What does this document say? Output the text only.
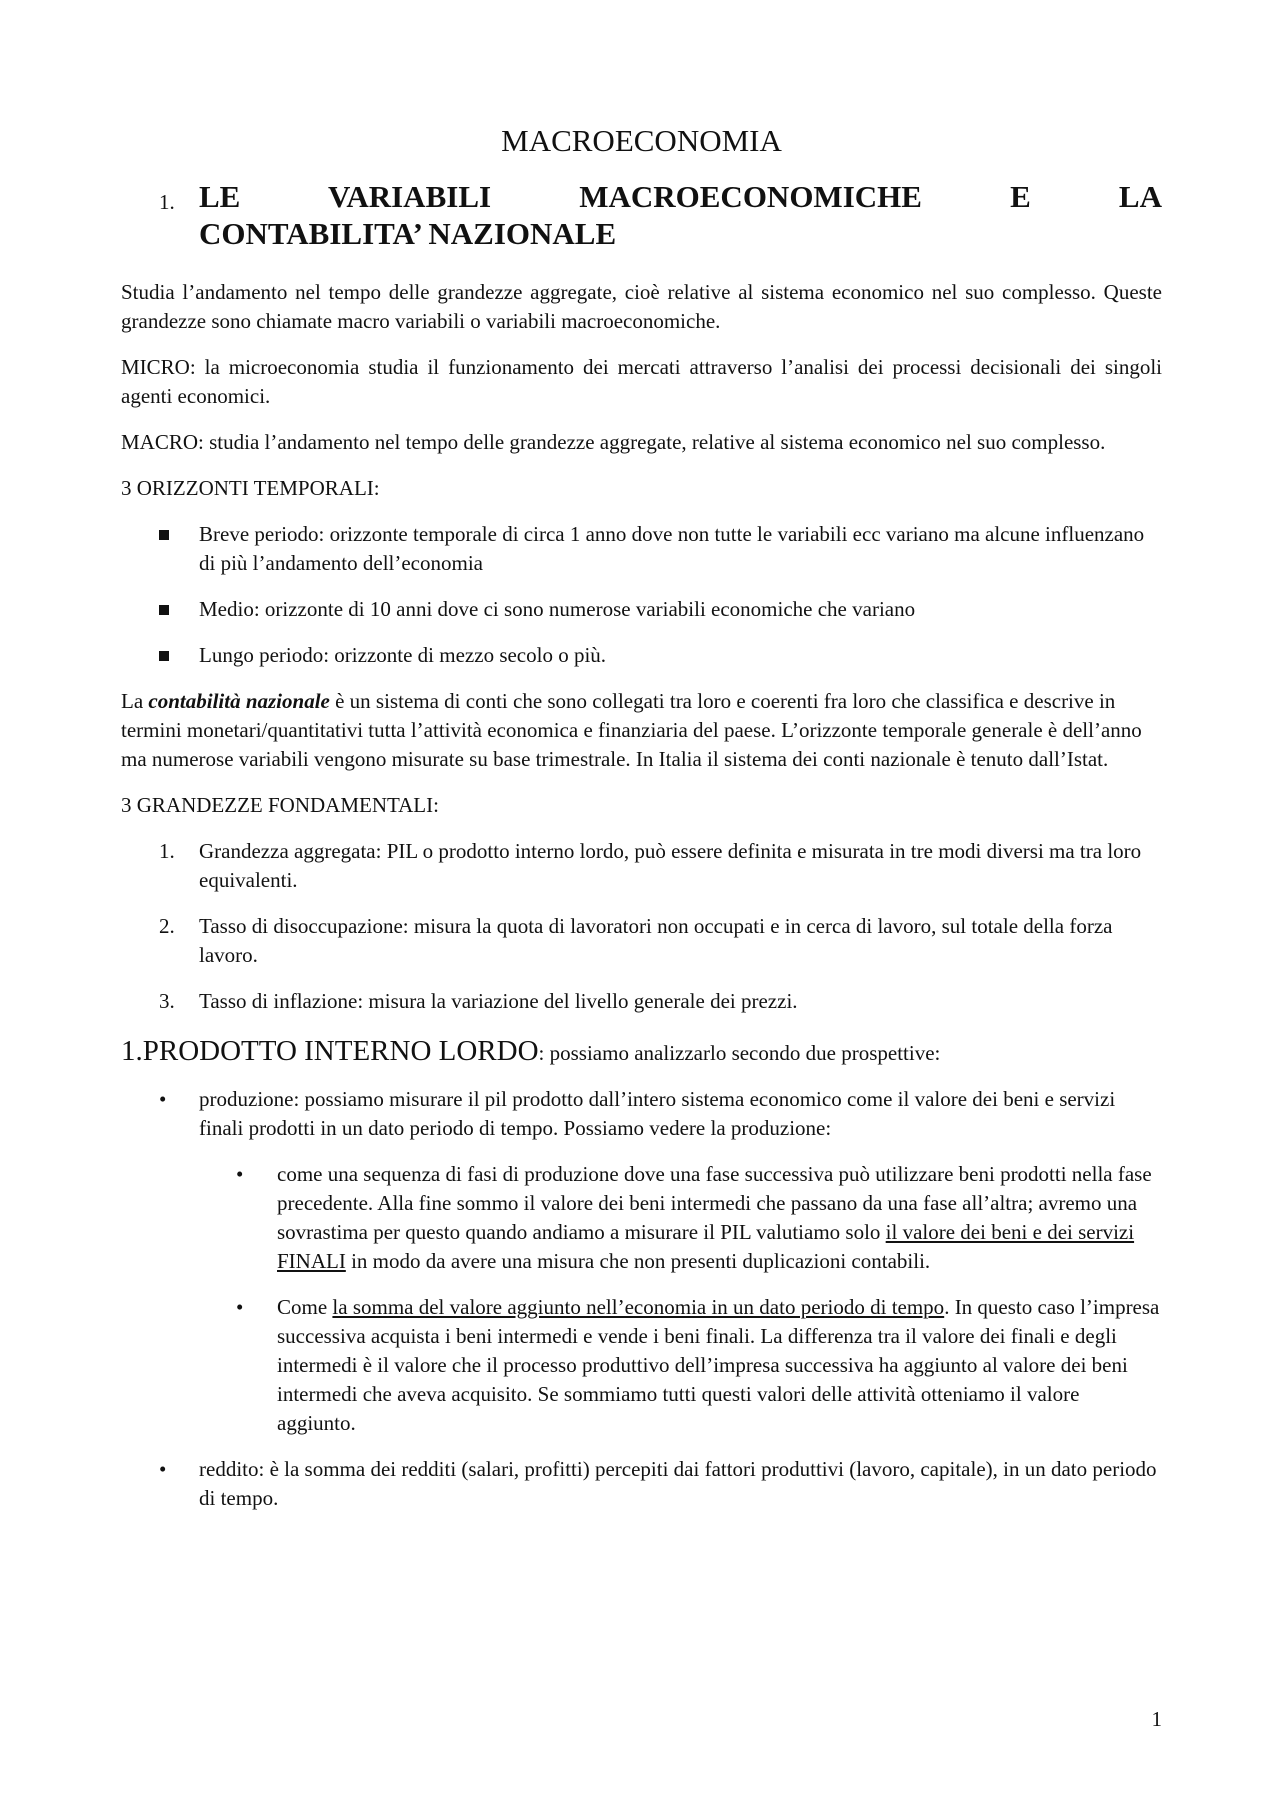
MACROECONOMIA
1. LE VARIABILI MACROECONOMICHE E LA
CONTABILITA’ NAZIONALE

Studia l’andamento nel tempo delle grandezze aggregate, cioè relative al sistema economico nel suo complesso. Queste grandezze sono chiamate macro variabili o variabili macroeconomiche.

MICRO: la microeconomia studia il funzionamento dei mercati attraverso l’analisi dei processi decisionali dei singoli agenti economici.

MACRO: studia l’andamento nel tempo delle grandezze aggregate, relative al sistema economico nel suo complesso.

3 ORIZZONTI TEMPORALI:

Breve periodo: orizzonte temporale di circa 1 anno dove non tutte le variabili ecc variano ma alcune influenzano di più l’andamento dell’economia
Medio: orizzonte di 10 anni dove ci sono numerose variabili economiche che variano
Lungo periodo: orizzonte di mezzo secolo o più.

La contabilità nazionale è un sistema di conti che sono collegati tra loro e coerenti fra loro che classifica e descrive in termini monetari/quantitativi tutta l’attività economica e finanziaria del paese. L’orizzonte temporale generale è dell’anno ma numerose variabili vengono misurate su base trimestrale. In Italia il sistema dei conti nazionale è tenuto dall’Istat.

3 GRANDEZZE FONDAMENTALI:

1. Grandezza aggregata: PIL o prodotto interno lordo, può essere definita e misurata in tre modi diversi ma tra loro equivalenti.
2. Tasso di disoccupazione: misura la quota di lavoratori non occupati e in cerca di lavoro, sul totale della forza lavoro.
3. Tasso di inflazione: misura la variazione del livello generale dei prezzi.
1.PRODOTTO INTERNO LORDO: possiamo analizzarlo secondo due prospettive:
• produzione: possiamo misurare il pil prodotto dall’intero sistema economico come il valore dei beni e servizi finali prodotti in un dato periodo di tempo. Possiamo vedere la produzione:
• come una sequenza di fasi di produzione dove una fase successiva può utilizzare beni prodotti nella fase precedente. Alla fine sommo il valore dei beni intermedi che passano da una fase all’altra; avremo una sovrastima per questo quando andiamo a misurare il PIL valutiamo solo il valore dei beni e dei servizi FINALI in modo da avere una misura che non presenti duplicazioni contabili.
• Come la somma del valore aggiunto nell’economia in un dato periodo di tempo. In questo caso l’impresa successiva acquista i beni intermedi e vende i beni finali. La differenza tra il valore dei finali e degli intermedi è il valore che il processo produttivo dell’impresa successiva ha aggiunto al valore dei beni intermedi che aveva acquisito. Se sommiamo tutti questi valori delle attività otteniamo il valore aggiunto.
• reddito: è la somma dei redditi (salari, profitti) percepiti dai fattori produttivi (lavoro, capitale), in un dato periodo di tempo.
1
